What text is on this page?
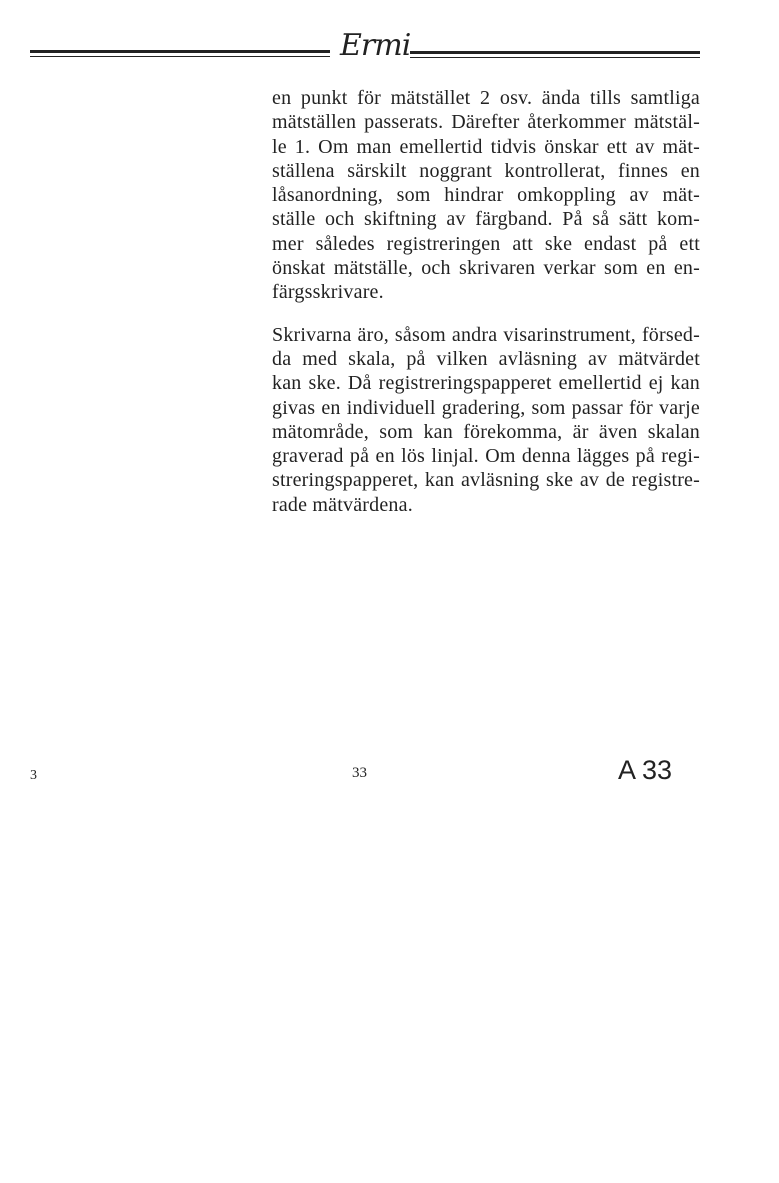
Ermi

en punkt för mätstället 2 osv. ända tills samtliga
mätställen passerats. Därefter återkommer mätstäl-
le 1. Om man emellertid tidvis önskar ett av mät-
ställena särskilt noggrant kontrollerat, finnes en
låsanordning, som hindrar omkoppling av mät-
ställe och skiftning av färgband. På så sätt kom-
mer således registreringen att ske endast på ett
önskat mätställe, och skrivaren verkar som en en-
färgsskrivare.

Skrivarna äro, såsom andra visarinstrument, försed-
da med skala, på vilken avläsning av mätvärdet
kan ske. Då registreringspapperet emellertid ej kan
givas en individuell gradering, som passar för varje
mätområde, som kan förekomma, är även skalan
graverad på en lös linjal. Om denna lägges på regi-
streringspapperet, kan avläsning ske av de registre-
rade mätvärdena.

3	33	A 33
